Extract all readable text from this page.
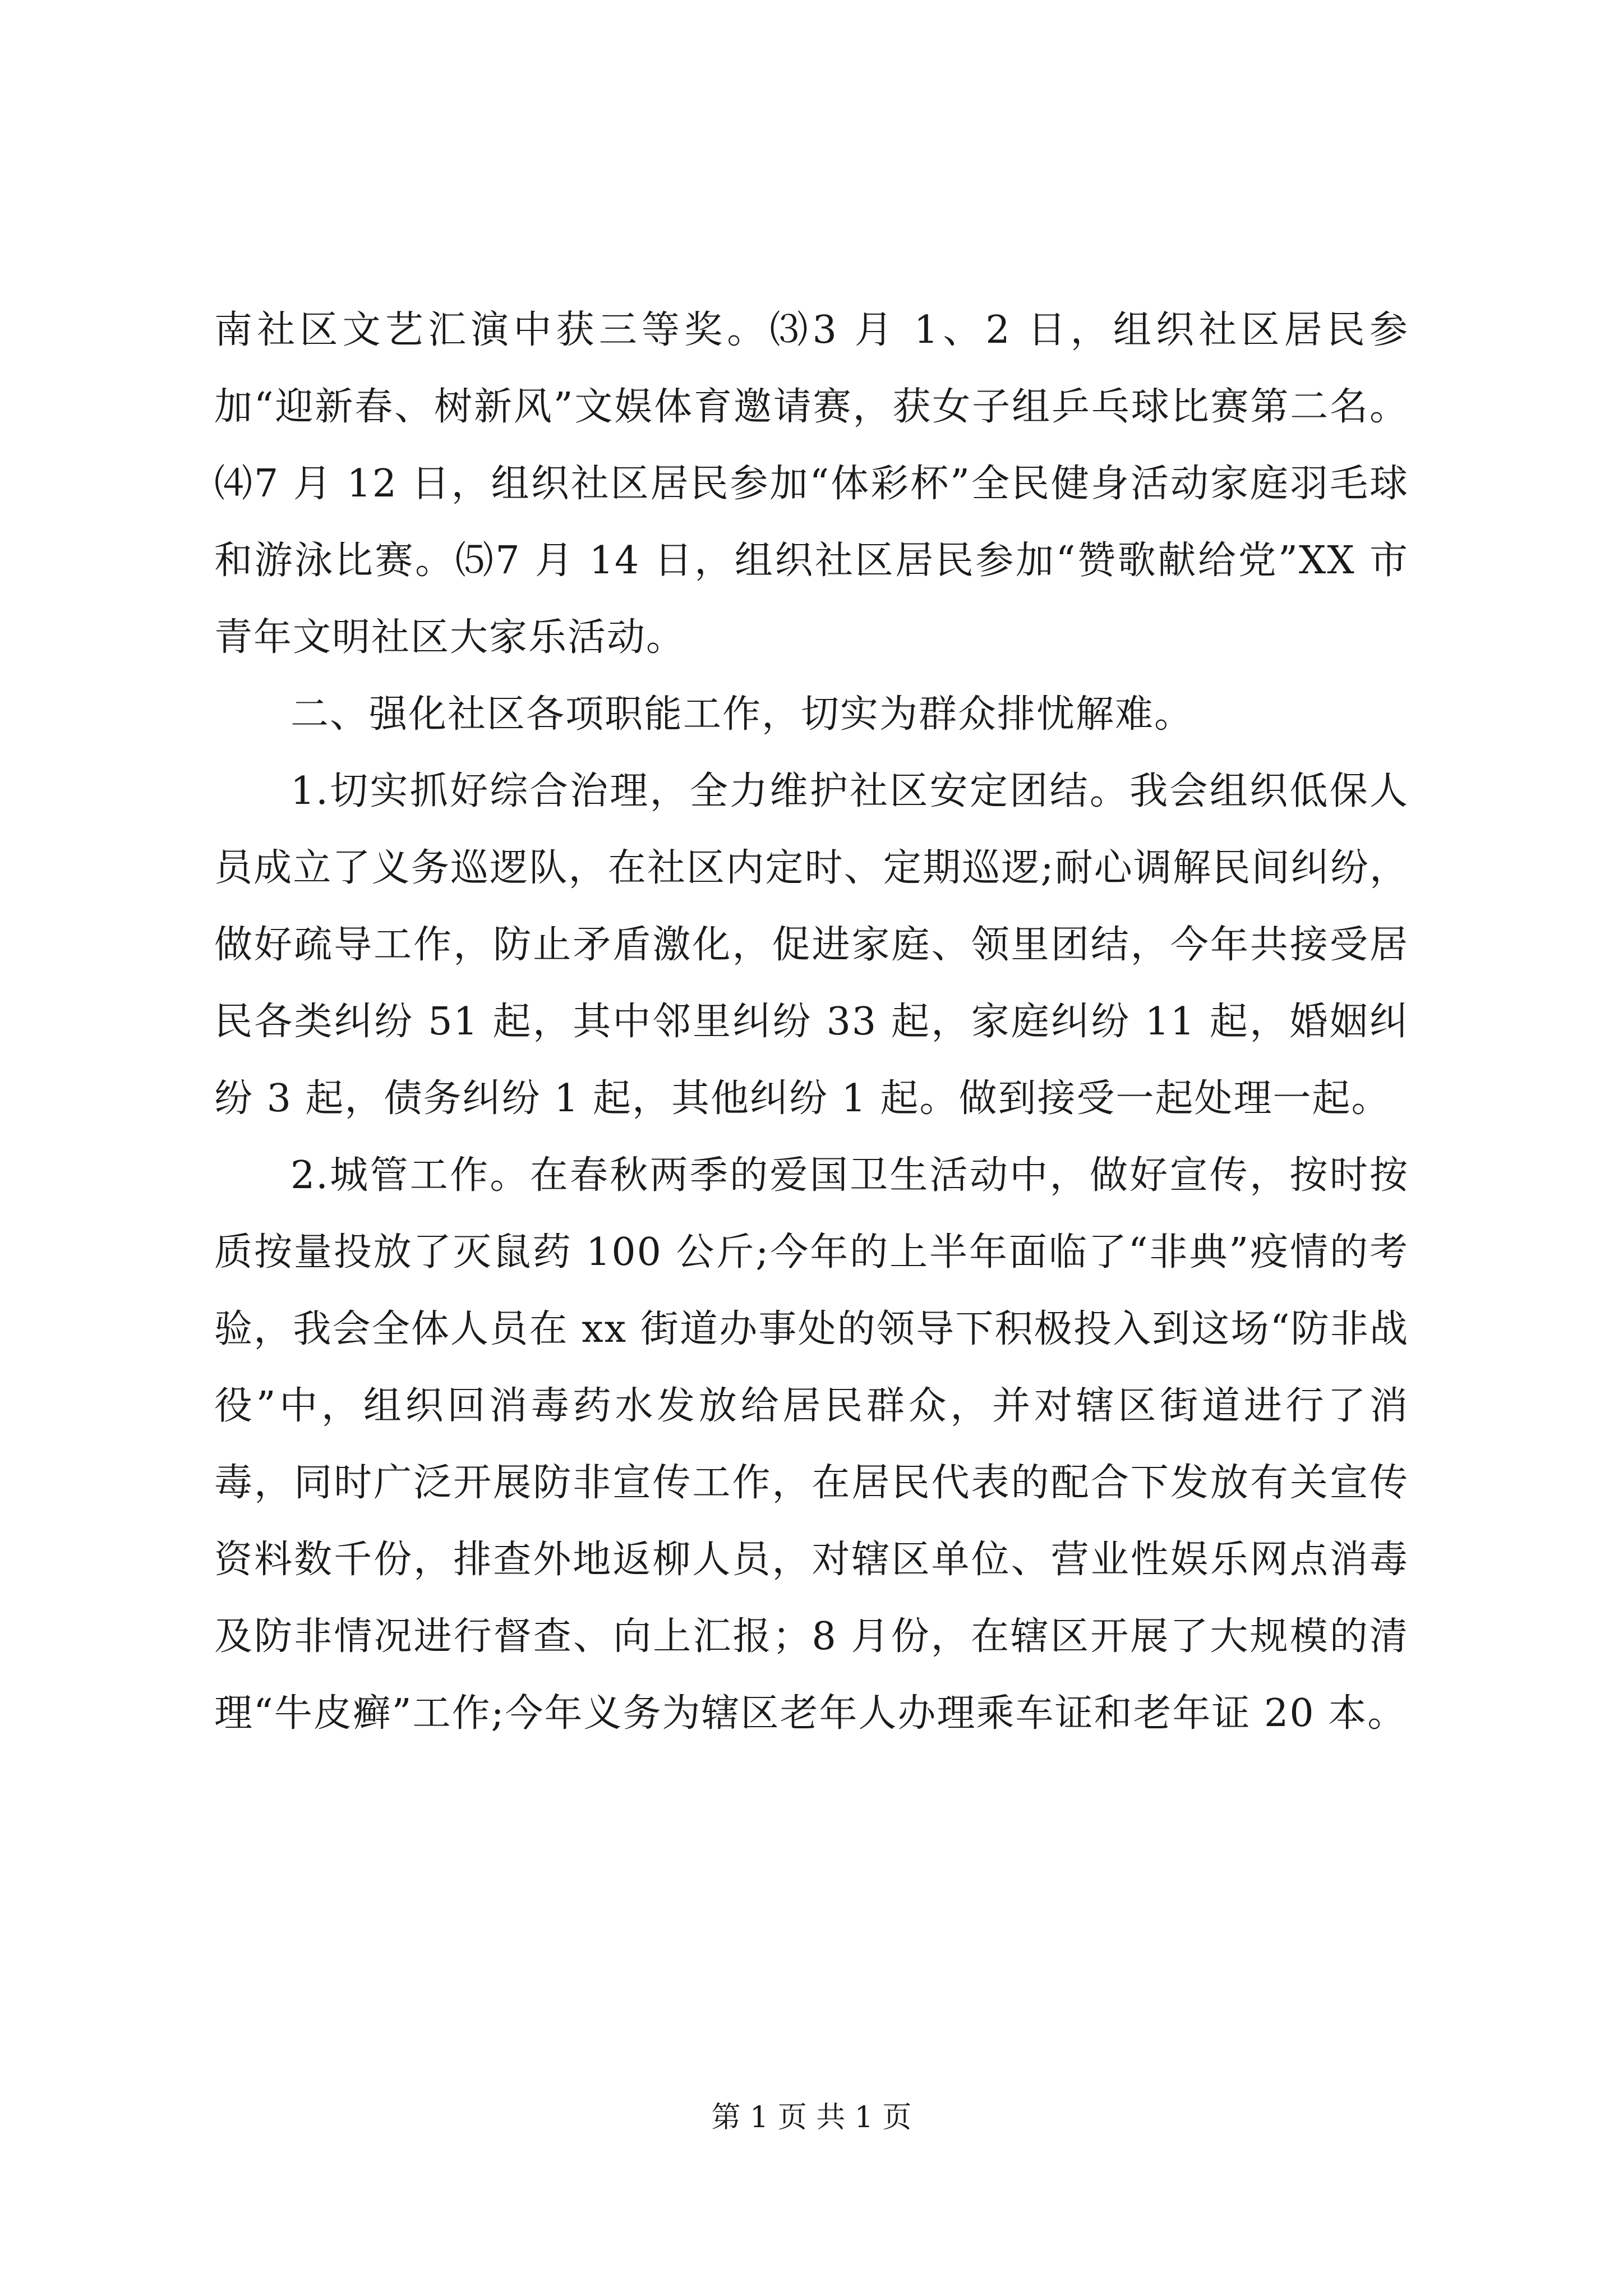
南社区文艺汇演中获三等奖。⑶3 月 1、2 日，组织社区居民参加“迎新春、树新风”文娱体育邀请赛，获女子组乒乓球比赛第二名。⑷7 月 12 日，组织社区居民参加“体彩杯”全民健身活动家庭羽毛球和游泳比赛。⑸7 月 14 日，组织社区居民参加“赞歌献给党”XX 市青年文明社区大家乐活动。

二、强化社区各项职能工作，切实为群众排忧解难。

1.切实抓好综合治理，全力维护社区安定团结。我会组织低保人员成立了义务巡逻队，在社区内定时、定期巡逻;耐心调解民间纠纷，做好疏导工作，防止矛盾激化，促进家庭、领里团结，今年共接受居民各类纠纷 51 起，其中邻里纠纷 33 起，家庭纠纷 11 起，婚姻纠纷 3 起，债务纠纷 1 起，其他纠纷 1 起。做到接受一起处理一起。

2.城管工作。在春秋两季的爱国卫生活动中，做好宣传，按时按质按量投放了灭鼠药 100 公斤;今年的上半年面临了“非典”疫情的考验，我会全体人员在 xx 街道办事处的领导下积极投入到这场“防非战役”中，组织回消毒药水发放给居民群众，并对辖区街道进行了消毒，同时广泛开展防非宣传工作，在居民代表的配合下发放有关宣传资料数千份，排查外地返柳人员，对辖区单位、营业性娱乐网点消毒及防非情况进行督查、向上汇报；8 月份，在辖区开展了大规模的清理“牛皮癣”工作;今年义务为辖区老年人办理乘车证和老年证 20 本。

第 1 页 共 1 页
